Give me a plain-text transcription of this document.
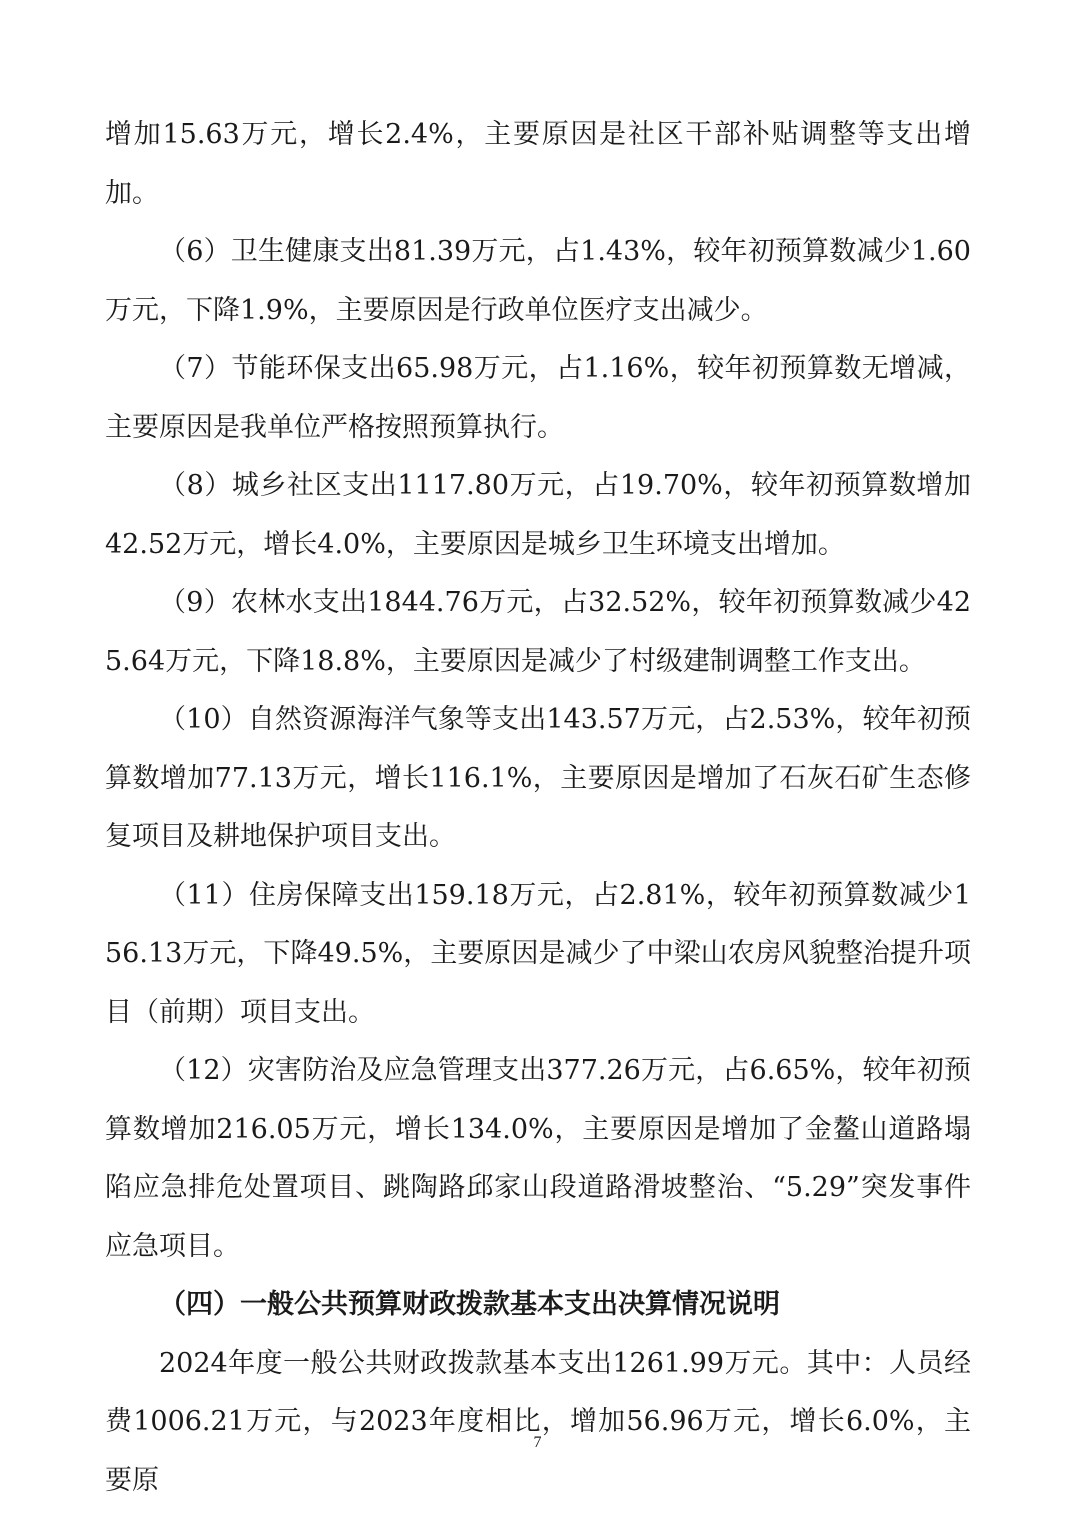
增加15.63万元，增长2.4%，主要原因是社区干部补贴调整等支出增加。

（6）卫生健康支出81.39万元，占1.43%，较年初预算数减少1.60万元，下降1.9%，主要原因是行政单位医疗支出减少。

（7）节能环保支出65.98万元，占1.16%，较年初预算数无增减，主要原因是我单位严格按照预算执行。

（8）城乡社区支出1117.80万元，占19.70%，较年初预算数增加42.52万元，增长4.0%，主要原因是城乡卫生环境支出增加。

（9）农林水支出1844.76万元，占32.52%，较年初预算数减少425.64万元，下降18.8%，主要原因是减少了村级建制调整工作支出。

（10）自然资源海洋气象等支出143.57万元，占2.53%，较年初预算数增加77.13万元，增长116.1%，主要原因是增加了石灰石矿生态修复项目及耕地保护项目支出。

（11）住房保障支出159.18万元，占2.81%，较年初预算数减少156.13万元，下降49.5%，主要原因是减少了中梁山农房风貌整治提升项目（前期）项目支出。

（12）灾害防治及应急管理支出377.26万元，占6.65%，较年初预算数增加216.05万元，增长134.0%，主要原因是增加了金鳌山道路塌陷应急排危处置项目、跳陶路邱家山段道路滑坡整治、“5.29”突发事件应急项目。

（四）一般公共预算财政拨款基本支出决算情况说明

2024年度一般公共财政拨款基本支出1261.99万元。其中：人员经费1006.21万元，与2023年度相比，增加56.96万元，增长6.0%，主要原

7
